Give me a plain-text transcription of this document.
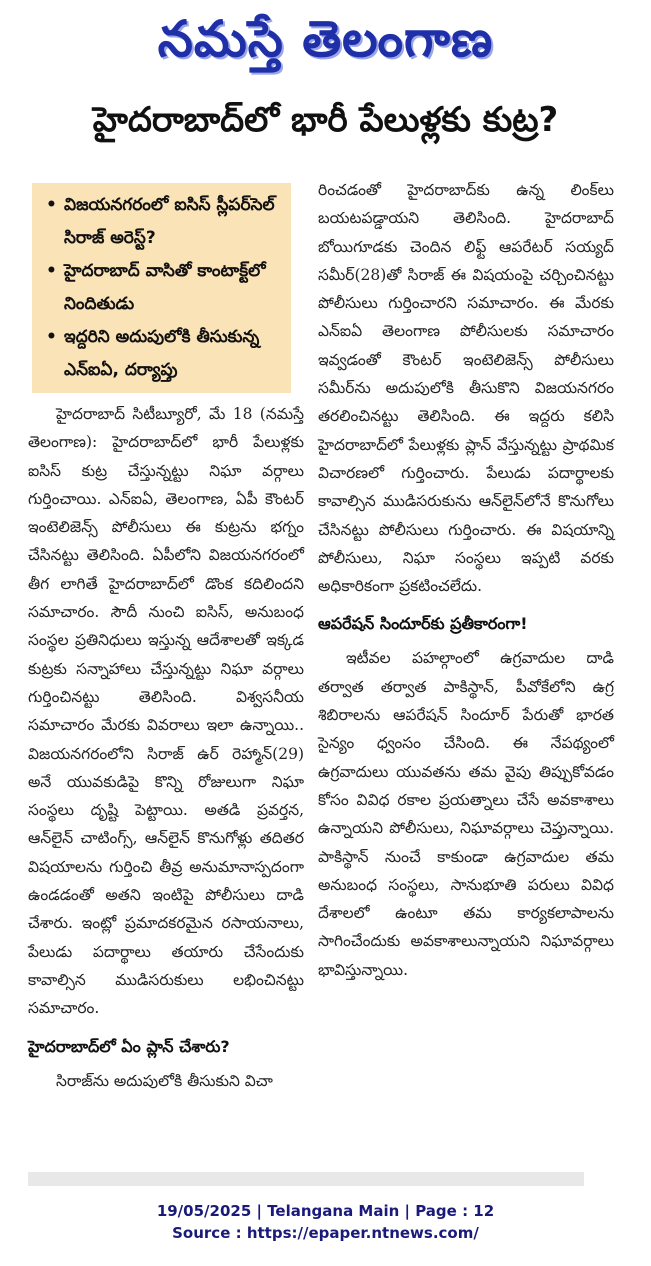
నమస్తే తెలంగాణ
హైదరాబాద్‌లో భారీ పేలుళ్లకు కుట్ర?
• విజయనగరంలో ఐసిస్ స్లీపర్‌సెల్ సిరాజ్ అరెస్ట్?
• హైదరాబాద్ వాసితో కాంటాక్ట్‌లో నిందితుడు
• ఇద్దరిని అదుపులోకి తీసుకున్న ఎన్‌ఐఏ, దర్యాప్తు

హైదరాబాద్ సిటీబ్యూరో, మే 18 (నమస్తే తెలంగాణ): హైదరాబాద్‌లో భారీ పేలుళ్లకు ఐసిస్ కుట్ర చేస్తున్నట్టు నిఘా వర్గాలు గుర్తించాయి. ఎన్‌ఐఏ, తెలంగాణ, ఏపీ కౌంటర్ ఇంటెలిజెన్స్ పోలీసులు ఈ కుట్రను భగ్నం చేసినట్టు తెలిసింది. ఏపీలోని విజయనగరంలో తీగ లాగితే హైదరాబాద్‌లో డొంక కదిలిందని సమాచారం. సౌదీ నుంచి ఐసిస్, అనుబంధ సంస్థల ప్రతినిధులు ఇస్తున్న ఆదేశాలతో ఇక్కడ కుట్రకు సన్నాహాలు చేస్తున్నట్టు నిఘా వర్గాలు గుర్తించినట్టు తెలిసింది. విశ్వసనీయ సమాచారం మేరకు వివరాలు ఇలా ఉన్నాయి.. విజయనగరంలోని సిరాజ్ ఉర్ రెహ్మాన్(29) అనే యువకుడిపై కొన్ని రోజులుగా నిఘా సంస్థలు దృష్టి పెట్టాయి. అతడి ప్రవర్తన, ఆన్‌లైన్ చాటింగ్స్, ఆన్‌లైన్ కొనుగోళ్లు తదితర విషయాలను గుర్తించి తీవ్ర అనుమానాస్పదంగా ఉండడంతో అతని ఇంటిపై పోలీసులు దాడి చేశారు. ఇంట్లో ప్రమాదకరమైన రసాయనాలు, పేలుడు పదార్థాలు తయారు చేసేందుకు కావాల్సిన ముడిసరుకులు లభించినట్టు సమాచారం.

హైదరాబాద్‌లో ఏం ప్లాన్ చేశారు?

సిరాజ్‌ను అదుపులోకి తీసుకుని విచా

రించడంతో హైదరాబాద్‌కు ఉన్న లింక్‌లు బయటపడ్డాయని తెలిసింది. హైదరాబాద్ బోయిగూడకు చెందిన లిఫ్ట్ ఆపరేటర్ సయ్యద్ సమీర్(28)తో సిరాజ్ ఈ విషయంపై చర్చించినట్టు పోలీసులు గుర్తించారని సమాచారం. ఈ మేరకు ఎన్‌ఐఏ తెలంగాణ పోలీసులకు సమాచారం ఇవ్వడంతో కౌంటర్ ఇంటెలిజెన్స్ పోలీసులు సమీర్‌ను అదుపులోకి తీసుకొని విజయనగరం తరలించినట్టు తెలిసింది. ఈ ఇద్దరు కలిసి హైదరాబాద్‌లో పేలుళ్లకు ప్లాన్ వేస్తున్నట్టు ప్రాథమిక విచారణలో గుర్తించారు. పేలుడు పదార్థాలకు కావాల్సిన ముడిసరుకును ఆన్‌లైన్‌లోనే కొనుగోలు చేసినట్టు పోలీసులు గుర్తించారు. ఈ విషయాన్ని పోలీసులు, నిఘా సంస్థలు ఇప్పటి వరకు అధికారికంగా ప్రకటించలేదు.

ఆపరేషన్ సిందూర్‌కు ప్రతీకారంగా!

ఇటీవల పహల్గాంలో ఉగ్రవాదుల దాడి తర్వాత తర్వాత పాకిస్థాన్, పీవోకేలోని ఉగ్ర శిబిరాలను ఆపరేషన్ సిందూర్ పేరుతో భారత సైన్యం ధ్వంసం చేసింది. ఈ నేపథ్యంలో ఉగ్రవాదులు యువతను తమ వైపు తిప్పుకోవడం కోసం వివిధ రకాల ప్రయత్నాలు చేసే అవకాశాలు ఉన్నాయని పోలీసులు, నిఘావర్గాలు చెప్తున్నాయి. పాకిస్థాన్ నుంచే కాకుండా ఉగ్రవాదుల తమ అనుబంధ సంస్థలు, సానుభూతి పరులు వివిధ దేశాలలో ఉంటూ తమ కార్యకలాపాలను సాగించేందుకు అవకాశాలున్నాయని నిఘావర్గాలు భావిస్తున్నాయి.

19/05/2025 | Telangana Main | Page : 12
Source : https://epaper.ntnews.com/
